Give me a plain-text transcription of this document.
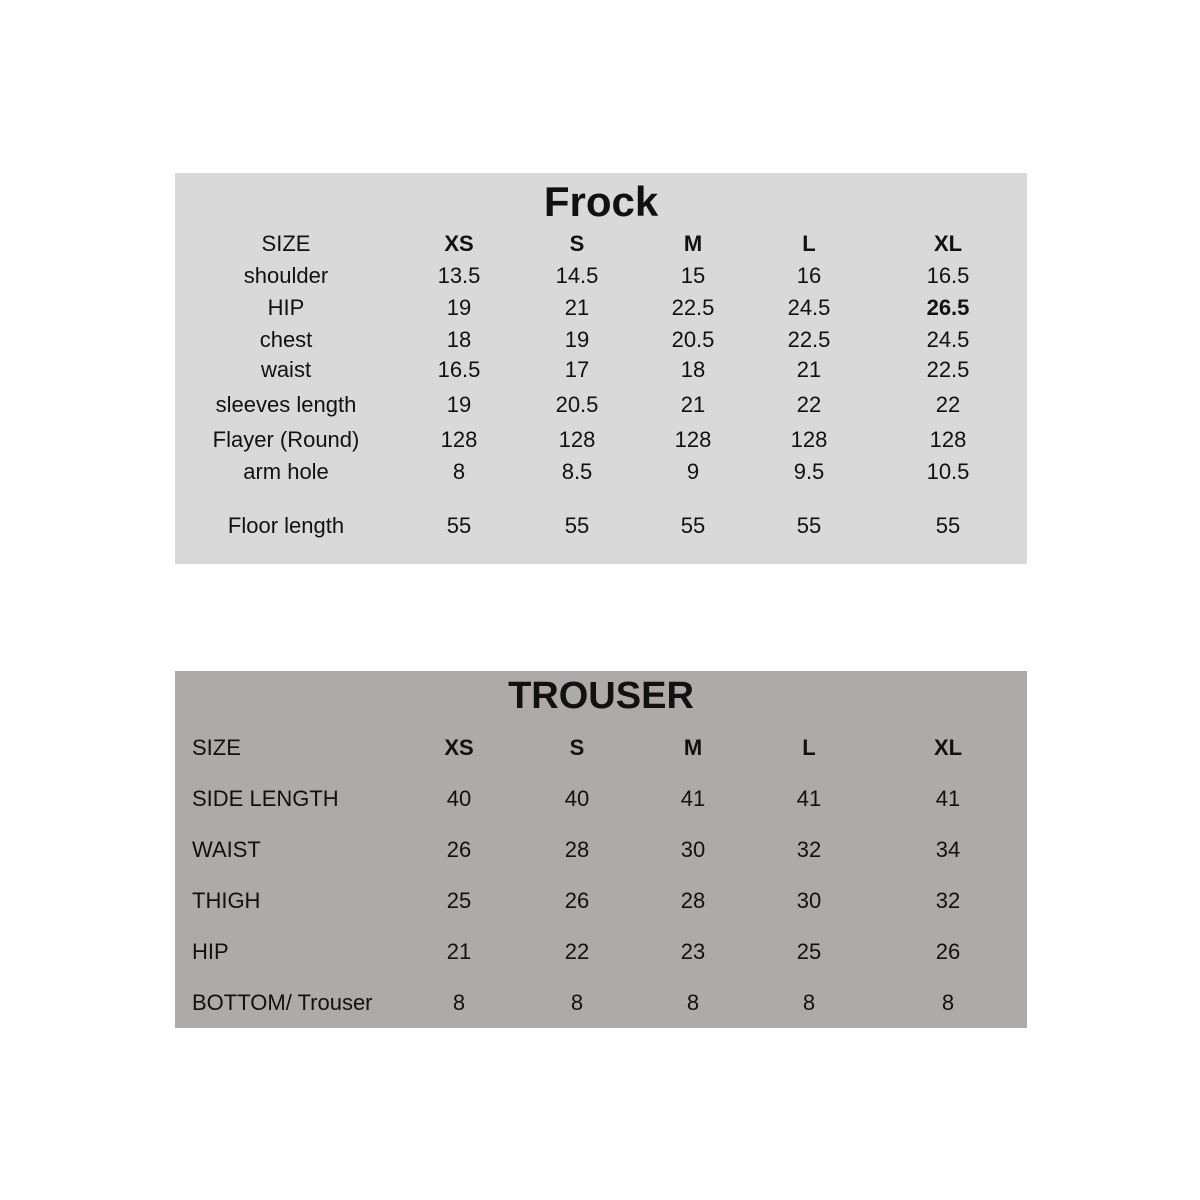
Frock
SIZE	XS	S	M	L	XL
shoulder	13.5	14.5	15	16	16.5
HIP	19	21	22.5	24.5	26.5
chest	18	19	20.5	22.5	24.5
waist	16.5	17	18	21	22.5
sleeves length	19	20.5	21	22	22
Flayer (Round)	128	128	128	128	128
arm hole	8	8.5	9	9.5	10.5
Floor length	55	55	55	55	55
TROUSER
SIZE	XS	S	M	L	XL
SIDE LENGTH	40	40	41	41	41
WAIST	26	28	30	32	34
THIGH	25	26	28	30	32
HIP	21	22	23	25	26
BOTTOM/ Trouser	8	8	8	8	8
